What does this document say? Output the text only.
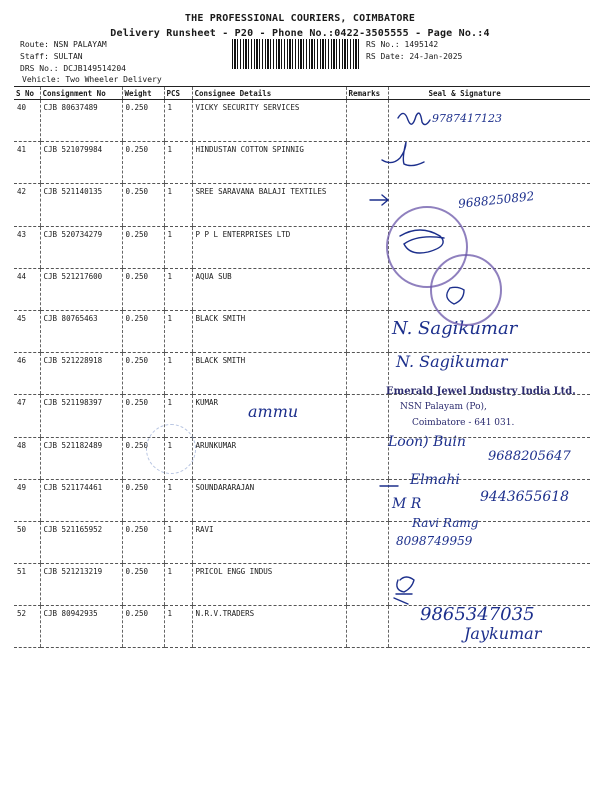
THE PROFESSIONAL COURIERS, COIMBATORE
Delivery Runsheet - P20 - Phone No.:0422-3505555 - Page No.:4
Route: NSN PALAYAM
Staff: SULTAN
DRS No.: DCJB149514204
Vehicle: Two Wheeler Delivery
RS No.: 1495142
RS Date: 24-Jan-2025
S No	Consignment No	Weight	PCS	Consignee Details	Remarks	Seal & Signature
40	CJB 80637489	0.250	1	VICKY SECURITY SERVICES		
41	CJB 521079984	0.250	1	HINDUSTAN COTTON SPINNIG		
42	CJB 521140135	0.250	1	SREE SARAVANA BALAJI TEXTILES		
43	CJB 520734279	0.250	1	P P L ENTERPRISES LTD		
44	CJB 521217600	0.250	1	AQUA SUB		
45	CJB 80765463	0.250	1	BLACK SMITH		
46	CJB 521228918	0.250	1	BLACK SMITH		
47	CJB 521198397	0.250	1	KUMAR		
48	CJB 521182489	0.250	1	ARUNKUMAR		
49	CJB 521174461	0.250	1	SOUNDARARAJAN		
50	CJB 521165952	0.250	1	RAVI		
51	CJB 521213219	0.250	1	PRICOL ENGG INDUS		
52	CJB 80942935	0.250	1	N.R.V.TRADERS		
9787417123
9688250892
N. Sagikumar
N. Sagikumar
ammu
Loon) Buin
9688205647
Elmahi
M R	9443655618
Ravi Ramg
8098749959
9865347035
Jaykumar
Emerald Jewel Industry India Ltd.
NSN Palayam (Po),
Coimbatore - 641 031.
